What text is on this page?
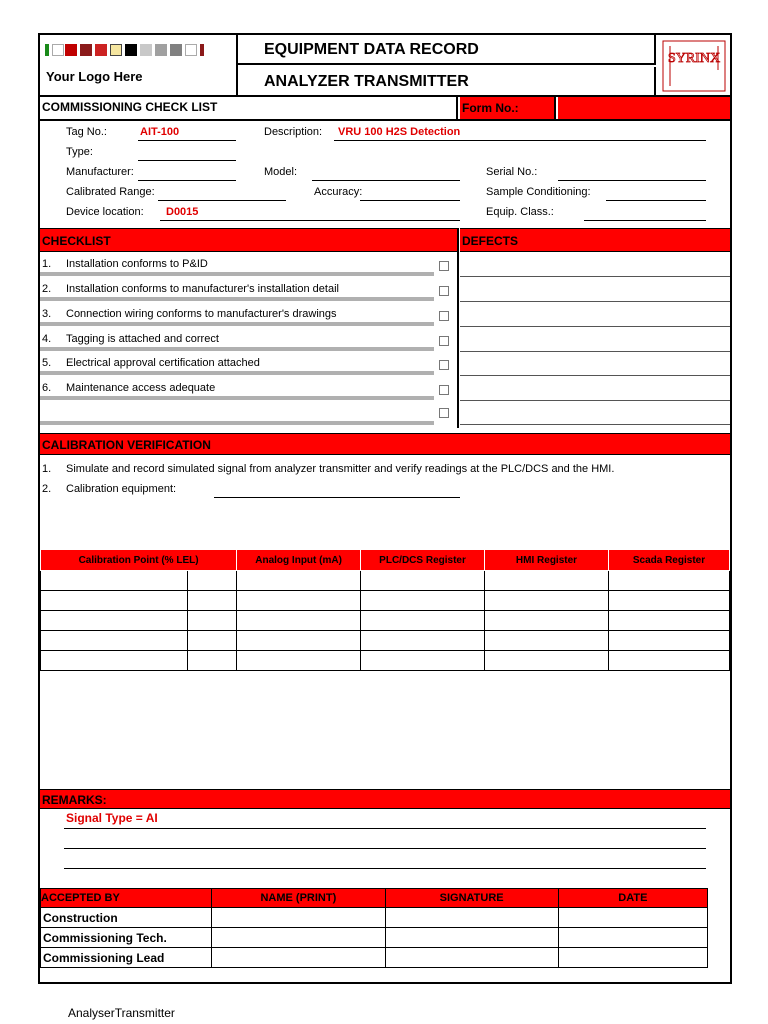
Your Logo Here
EQUIPMENT DATA RECORD
ANALYZER TRANSMITTER
SYRINX
COMMISSIONING CHECK LIST	Form No.:
Tag No.:	AIT-100	Description: VRU 100 H2S Detection
Type:
Manufacturer:	Model:	Serial No.:
Calibrated Range:	Accuracy:	Sample Conditioning:
Device location: D0015	Equip. Class.:
CHECKLIST	DEFECTS
1. Installation conforms to P&ID
2. Installation conforms to manufacturer's installation detail
3. Connection wiring conforms to manufacturer's drawings
4. Tagging is attached and correct
5. Electrical approval certification attached
6. Maintenance access adequate
CALIBRATION VERIFICATION
1. Simulate and record simulated signal from analyzer transmitter and verify readings at the PLC/DCS and the HMI.
2. Calibration equipment:
Calibration Point (% LEL)		Analog Input (mA)	PLC/DCS Register	HMI Register	Scada Register

REMARKS:
Signal Type = AI
ACCEPTED BY	NAME (PRINT)	SIGNATURE	DATE
Construction			
Commissioning Tech.			
Commissioning Lead			
AnalyserTransmitter
